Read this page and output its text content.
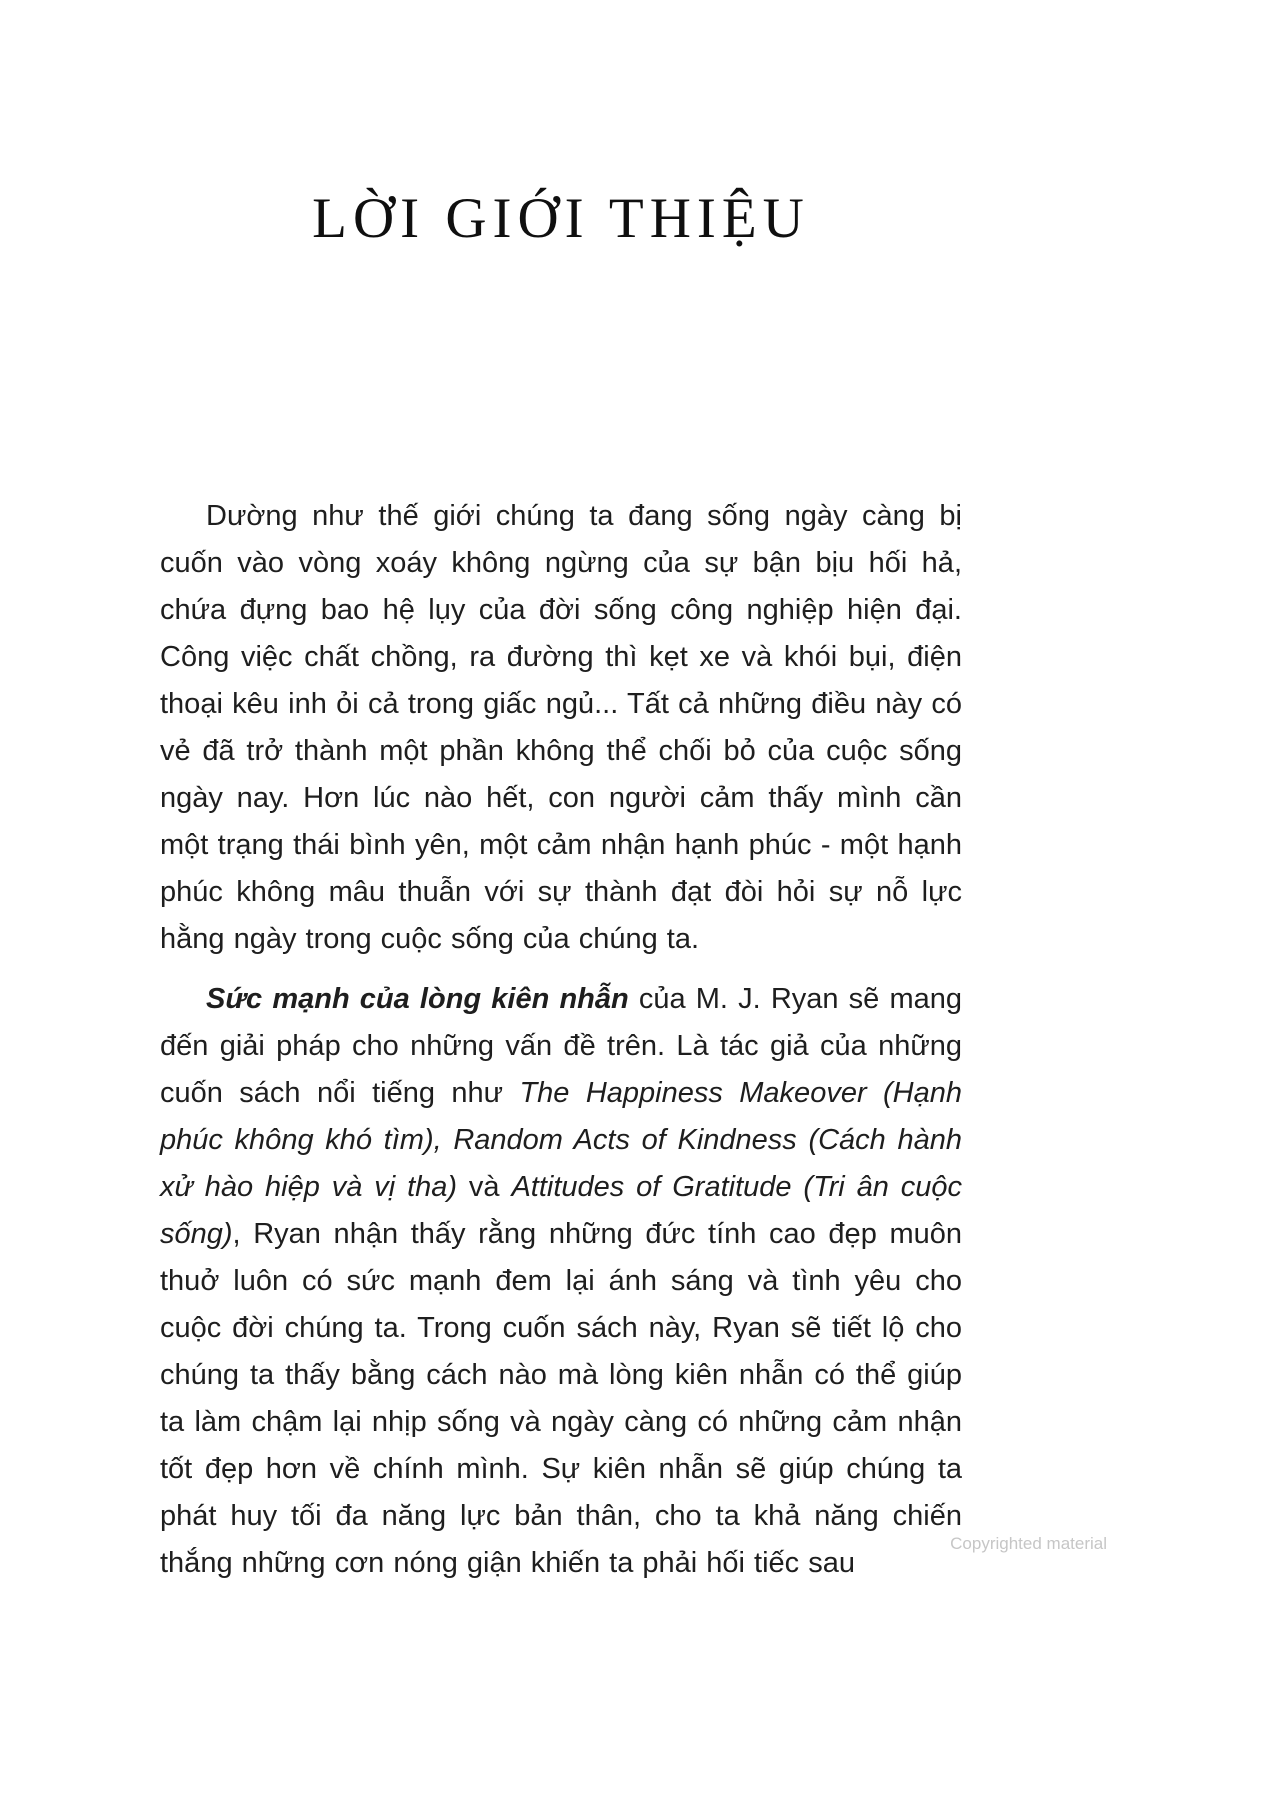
LỜI GIỚI THIỆU

Dường như thế giới chúng ta đang sống ngày càng bị cuốn vào vòng xoáy không ngừng của sự bận bịu hối hả, chứa đựng bao hệ lụy của đời sống công nghiệp hiện đại. Công việc chất chồng, ra đường thì kẹt xe và khói bụi, điện thoại kêu inh ỏi cả trong giấc ngủ... Tất cả những điều này có vẻ đã trở thành một phần không thể chối bỏ của cuộc sống ngày nay. Hơn lúc nào hết, con người cảm thấy mình cần một trạng thái bình yên, một cảm nhận hạnh phúc - một hạnh phúc không mâu thuẫn với sự thành đạt đòi hỏi sự nỗ lực hằng ngày trong cuộc sống của chúng ta.

Sức mạnh của lòng kiên nhẫn của M. J. Ryan sẽ mang đến giải pháp cho những vấn đề trên. Là tác giả của những cuốn sách nổi tiếng như The Happiness Makeover (Hạnh phúc không khó tìm), Random Acts of Kindness (Cách hành xử hào hiệp và vị tha) và Attitudes of Gratitude (Tri ân cuộc sống), Ryan nhận thấy rằng những đức tính cao đẹp muôn thuở luôn có sức mạnh đem lại ánh sáng và tình yêu cho cuộc đời chúng ta. Trong cuốn sách này, Ryan sẽ tiết lộ cho chúng ta thấy bằng cách nào mà lòng kiên nhẫn có thể giúp ta làm chậm lại nhịp sống và ngày càng có những cảm nhận tốt đẹp hơn về chính mình. Sự kiên nhẫn sẽ giúp chúng ta phát huy tối đa năng lực bản thân, cho ta khả năng chiến thắng những cơn nóng giận khiến ta phải hối tiếc sau

Copyrighted material
